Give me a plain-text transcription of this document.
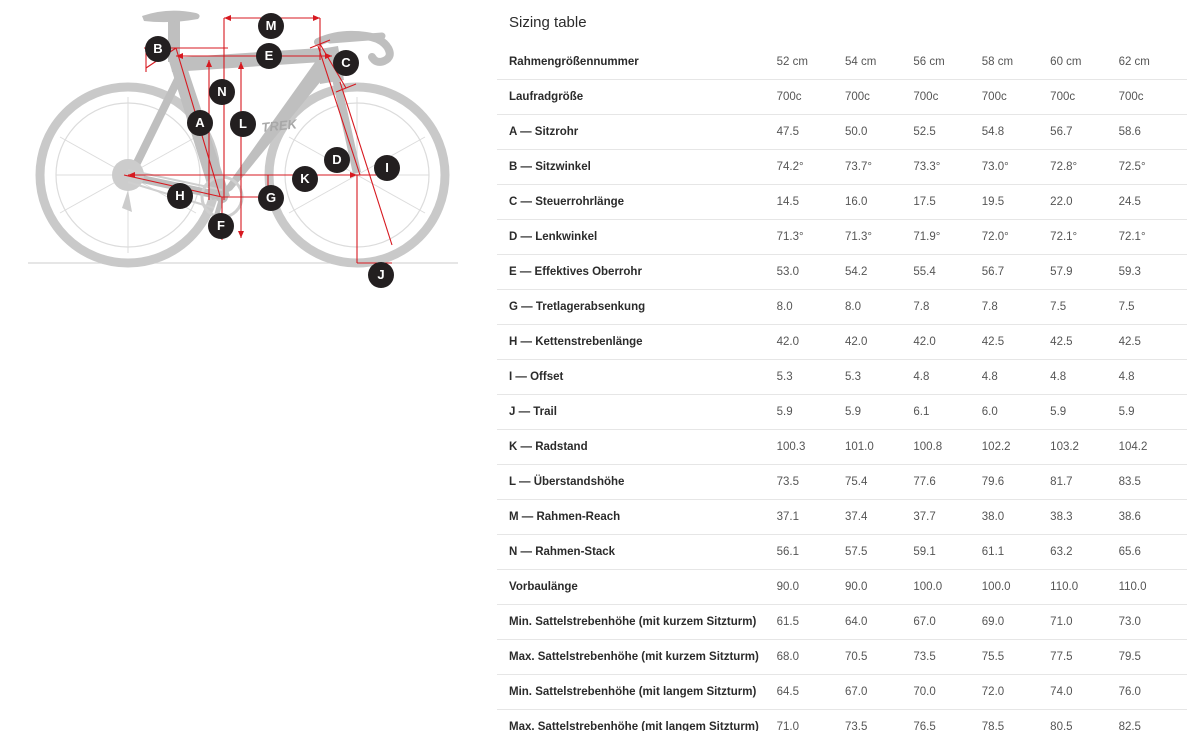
TREK
M
B	E	C
N
A	L
D
I
K
H	G
F
J
Sizing table
Rahmengrößennummer	52 cm	54 cm	56 cm	58 cm	60 cm	62 cm
Laufradgröße	700c	700c	700c	700c	700c	700c
A — Sitzrohr	47.5	50.0	52.5	54.8	56.7	58.6
B — Sitzwinkel	74.2°	73.7°	73.3°	73.0°	72.8°	72.5°
C — Steuerrohrlänge	14.5	16.0	17.5	19.5	22.0	24.5
D — Lenkwinkel	71.3°	71.3°	71.9°	72.0°	72.1°	72.1°
E — Effektives Oberrohr	53.0	54.2	55.4	56.7	57.9	59.3
G — Tretlagerabsenkung	8.0	8.0	7.8	7.8	7.5	7.5
H — Kettenstrebenlänge	42.0	42.0	42.0	42.5	42.5	42.5
I — Offset	5.3	5.3	4.8	4.8	4.8	4.8
J — Trail	5.9	5.9	6.1	6.0	5.9	5.9
K — Radstand	100.3	101.0	100.8	102.2	103.2	104.2
L — Überstandshöhe	73.5	75.4	77.6	79.6	81.7	83.5
M — Rahmen-Reach	37.1	37.4	37.7	38.0	38.3	38.6
N — Rahmen-Stack	56.1	57.5	59.1	61.1	63.2	65.6
Vorbaulänge	90.0	90.0	100.0	100.0	110.0	110.0
Min. Sattelstrebenhöhe (mit kurzem Sitzturm)	61.5	64.0	67.0	69.0	71.0	73.0
Max. Sattelstrebenhöhe (mit kurzem Sitzturm)	68.0	70.5	73.5	75.5	77.5	79.5
Min. Sattelstrebenhöhe (mit langem Sitzturm)	64.5	67.0	70.0	72.0	74.0	76.0
Max. Sattelstrebenhöhe (mit langem Sitzturm)	71.0	73.5	76.5	78.5	80.5	82.5
